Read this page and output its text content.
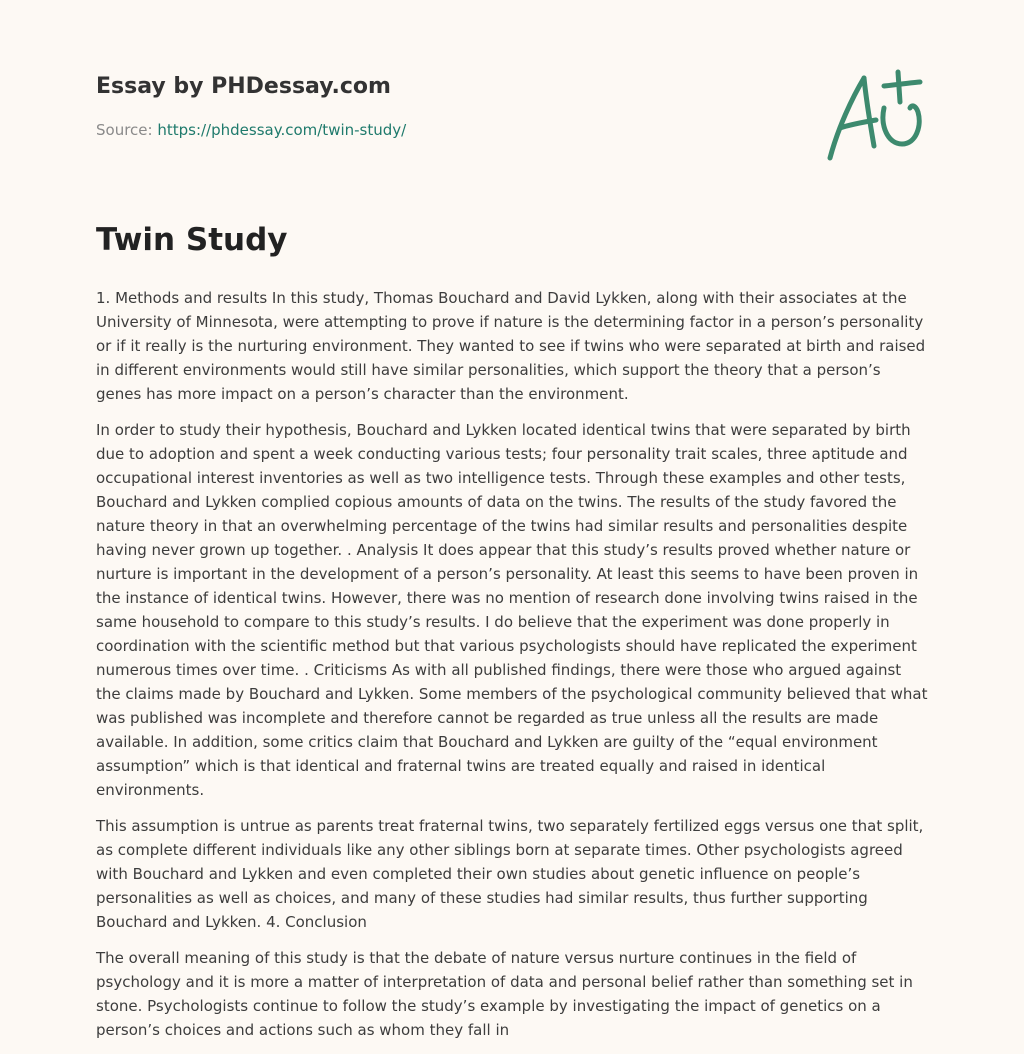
Essay by PHDessay.com
Source: https://phdessay.com/twin-study/
Twin Study

1. Methods and results In this study, Thomas Bouchard and David Lykken, along with their associates at the University of Minnesota, were attempting to prove if nature is the determining factor in a person’s personality or if it really is the nurturing environment. They wanted to see if twins who were separated at birth and raised in different environments would still have similar personalities, which support the theory that a person’s genes has more impact on a person’s character than the environment.

In order to study their hypothesis, Bouchard and Lykken located identical twins that were separated by birth due to adoption and spent a week conducting various tests; four personality trait scales, three aptitude and occupational interest inventories as well as two intelligence tests. Through these examples and other tests, Bouchard and Lykken complied copious amounts of data on the twins. The results of the study favored the nature theory in that an overwhelming percentage of the twins had similar results and personalities despite having never grown up together. . Analysis It does appear that this study’s results proved whether nature or nurture is important in the development of a person’s personality. At least this seems to have been proven in the instance of identical twins. However, there was no mention of research done involving twins raised in the same household to compare to this study’s results. I do believe that the experiment was done properly in coordination with the scientific method but that various psychologists should have replicated the experiment numerous times over time. . Criticisms As with all published findings, there were those who argued against the claims made by Bouchard and Lykken. Some members of the psychological community believed that what was published was incomplete and therefore cannot be regarded as true unless all the results are made available. In addition, some critics claim that Bouchard and Lykken are guilty of the “equal environment assumption” which is that identical and fraternal twins are treated equally and raised in identical environments.

This assumption is untrue as parents treat fraternal twins, two separately fertilized eggs versus one that split, as complete different individuals like any other siblings born at separate times. Other psychologists agreed with Bouchard and Lykken and even completed their own studies about genetic influence on people’s personalities as well as choices, and many of these studies had similar results, thus further supporting Bouchard and Lykken. 4. Conclusion

The overall meaning of this study is that the debate of nature versus nurture continues in the field of psychology and it is more a matter of interpretation of data and personal belief rather than something set in stone. Psychologists continue to follow the study’s example by investigating the impact of genetics on a person’s choices and actions such as whom they fall in
